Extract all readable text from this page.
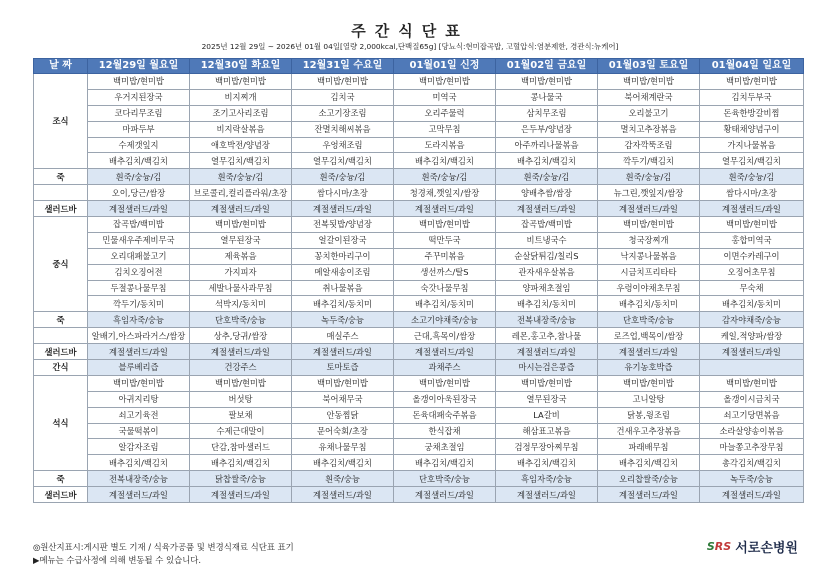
주간식단표
2025년 12월 29일 ~ 2026년 01월 04일[열량 2,000kcal,단백질65g] [당뇨식:현미잡곡밥, 고혈압식:염분제한, 경관식:뉴케어]
날 짜	12월29일 월요일	12월30일 화요일	12월31일 수요일	01월01일 신정	01월02일 금요일	01월03일 토요일	01월04일 일요일
조식	백미밥/현미밥	백미밥/현미밥	백미밥/현미밥	백미밥/현미밥	백미밥/현미밥	백미밥/현미밥	백미밥/현미밥
	우거지된장국	비지찌개	김치국	미역국	콩나물국	북어채계란국	김치두부국
	코다리무조림	조기고사리조림	소고기장조림	오리주물럭	삼치무조림	오리불고기	돈육한방갈비찜
	마파두부	비지락살볶음	잔멸치해씨볶음	고막무침	은두부/양념장	멸치고추장볶음	황태채양념구이
	수제갯잎지	애호박전/양념장	우엉채조림	도라지볶음	아주까리나물볶음	감자깍뚝조림	가지나물볶음
	배추김치/백김치	열무김치/백김치	열무김치/백김치	배추김치/백김치	배추김치/백김치	깍두기/백김치	열무김치/백김치
죽	흰죽/숭늉/김	흰죽/숭늉/김	흰죽/숭늉/김	흰죽/숭늉/김	흰죽/숭늉/김	흰죽/숭늉/김	흰죽/숭늉/김
	오이,당근/쌈장	브로콜리,컬리플라워/초장	쌈다시마/초장	청경채,깻잎지/쌈장	양배추쌈/쌈장	뉴그린,깻잎지/쌈장	쌈다시마/초장
샐러드바	계절샐러드/과일	계절샐러드/과일	계절샐러드/과일	계절샐러드/과일	계절샐러드/과일	계절샐러드/과일	계절샐러드/과일
중식	잡곡밥/백미밥	백미밥/현미밥	전복됫밥/양념장	백미밥/현미밥	잡곡밥/백미밥	백미밥/현미밥	백미밥/현미밥
	민물새우주제비무국	열무된장국	얼갈이된장국	떡만두국	비트냉국수	청국장찌개	홍합미역국
	오리대패불고기	제육볶음	꽁치한마리구이	주꾸미볶음	순살닭튀김/칠리S	낙지콩나물볶음	이면수카레구이
	김치오징어전	가지피자	메알새송이조림	생선까스/탈S	관자새우살볶음	시금치프리타타	오징어초무침
	두절콩나물무침	세발나물사과무침	취나물볶음	숙갓나물무침	양파채초절임	우렁이야채초무침	무숙채
	깍두기/동치미	석박지/동치미	배추김치/동치미	배추김치/동치미	배추김치/동치미	배추김치/동치미	배추김치/동치미
죽	흑임자죽/숭늉	단호박죽/숭늉	녹두죽/숭늉	소고기야채죽/숭늉	전복내장죽/숭늉	단호박죽/숭늉	감자야채죽/숭늉
	알배기,아스파라거스/쌈장	상추,당귀/쌈장	매실주스	근대,흑목이/쌈장	레몬,홍고추,참나물	로즈업,백목이/쌈장	케일,적양파/쌈장
샐러드바	계절샐러드/과일	계절샐러드/과일	계절샐러드/과일	계절샐러드/과일	계절샐러드/과일	계절샐러드/과일	계절샐러드/과일
간식	블루베리즙	건강주스	토마토즙	과채주스	마시는검은콩즙	유기농호박즙	
석식	백미밥/현미밥	백미밥/현미밥	백미밥/현미밥	백미밥/현미밥	백미밥/현미밥	백미밥/현미밥	백미밥/현미밥
	아귀지리탕	버섯탕	북어채무국	올갱이아욱된장국	열무된장국	고니알탕	올갱이시금치국
	쇠고기육전	팔보채	안동찜닭	돈육대패숙주볶음	LA갈비	닭봉,윙조림	쇠고기당면볶음
	국물떡볶이	수제근대말이	문어숙회/초장	한식잡채	해삼표고볶음	건새우고추장볶음	소라살양송이볶음
	알감자조림	단감,참마샐러드	유채나물무침	궁채초절임	검정무장아찌무침	파래배무침	마늘쫑고추장무침
	배추김치/백김치	배추김치/백김치	배추김치/백김치	배추김치/백김치	배추김치/백김치	배추김치/백김치	총각김치/백김치
죽	전복내장죽/숭늉	닭찹쌀죽/숭늉	흰죽/숭늉	단호박죽/숭늉	흑임자죽/숭늉	오리찹쌀죽/숭늉	녹두죽/숭늉
샐러드바	계절샐러드/과일	계절샐러드/과일	계절샐러드/과일	계절샐러드/과일	계절샐러드/과일	계절샐러드/과일	계절샐러드/과일
◎원산지표시:게시판 별도 기재 / 식육가공품 및 변경식재료 식단표 표기
▶메뉴는 수급사정에 의해 변동될 수 있습니다.
SRS 서로손병원
